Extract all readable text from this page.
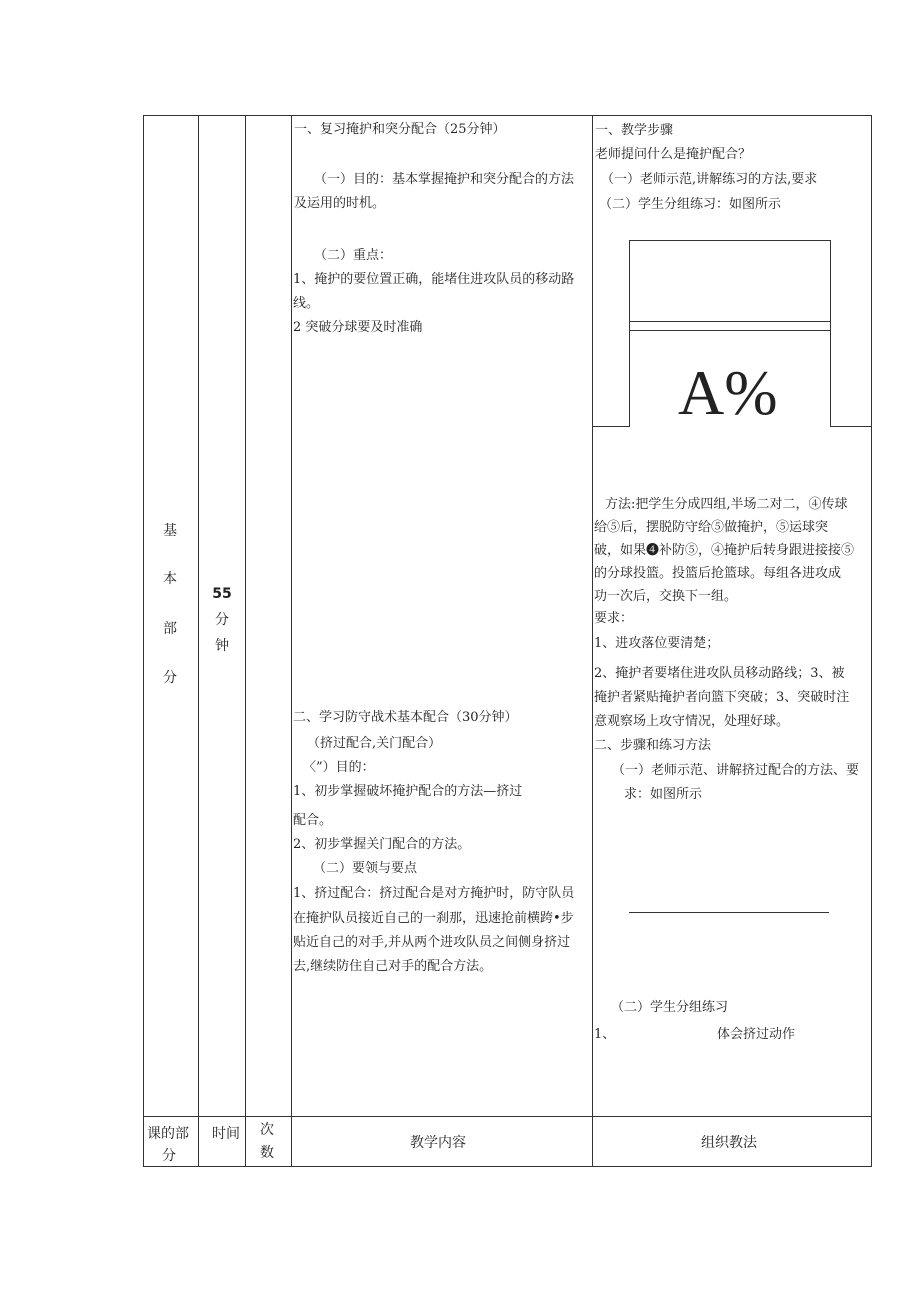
基
本
部
分
55
分
钟
一、复习掩护和突分配合（25分钟）
（一）目的：基本掌握掩护和突分配合的方法
及运用的时机。
（二）重点：
1、掩护的要位置正确，能堵住进攻队员的移动路
线。
2 突破分球要及时准确
二、学习防守战术基本配合（30分钟）
（挤过配合,关门配合）
〈”）目的：
1、初步掌握破坏掩护配合的方法—挤过
配合。
2、初步掌握关门配合的方法。
（二）要领与要点
1、挤过配合：挤过配合是对方掩护时，防守队员
在掩护队员接近自己的一刹那，迅速抢前横跨•步
贴近自己的对手,并从两个进攻队员之间侧身挤过
去,继续防住自己对手的配合方法。
一、教学步骤
老师提问什么是掩护配合？
（一）老师示范,讲解练习的方法,要求
（二）学生分组练习：如图所示
A%
方法:把学生分成四组,半场二对二，④传球
给⑤后，摆脱防守给⑤做掩护，⑤运球突
破，如果❹补防⑤，④掩护后转身跟进接接⑤
的分球投篮。投篮后抢篮球。每组各进攻成
功一次后，交换下一组。
要求：
1、进攻落位要清楚；
2、掩护者要堵住进攻队员移动路线；3、被
掩护者紧贴掩护者向篮下突破；3、突破时注
意观察场上攻守情况，处理好球。
二、步骤和练习方法
（一）老师示范、讲解挤过配合的方法、要
求：如图所示
（二）学生分组练习
1、	体会挤过动作
课的部
分
时间 次
数
教学内容	组织教法
